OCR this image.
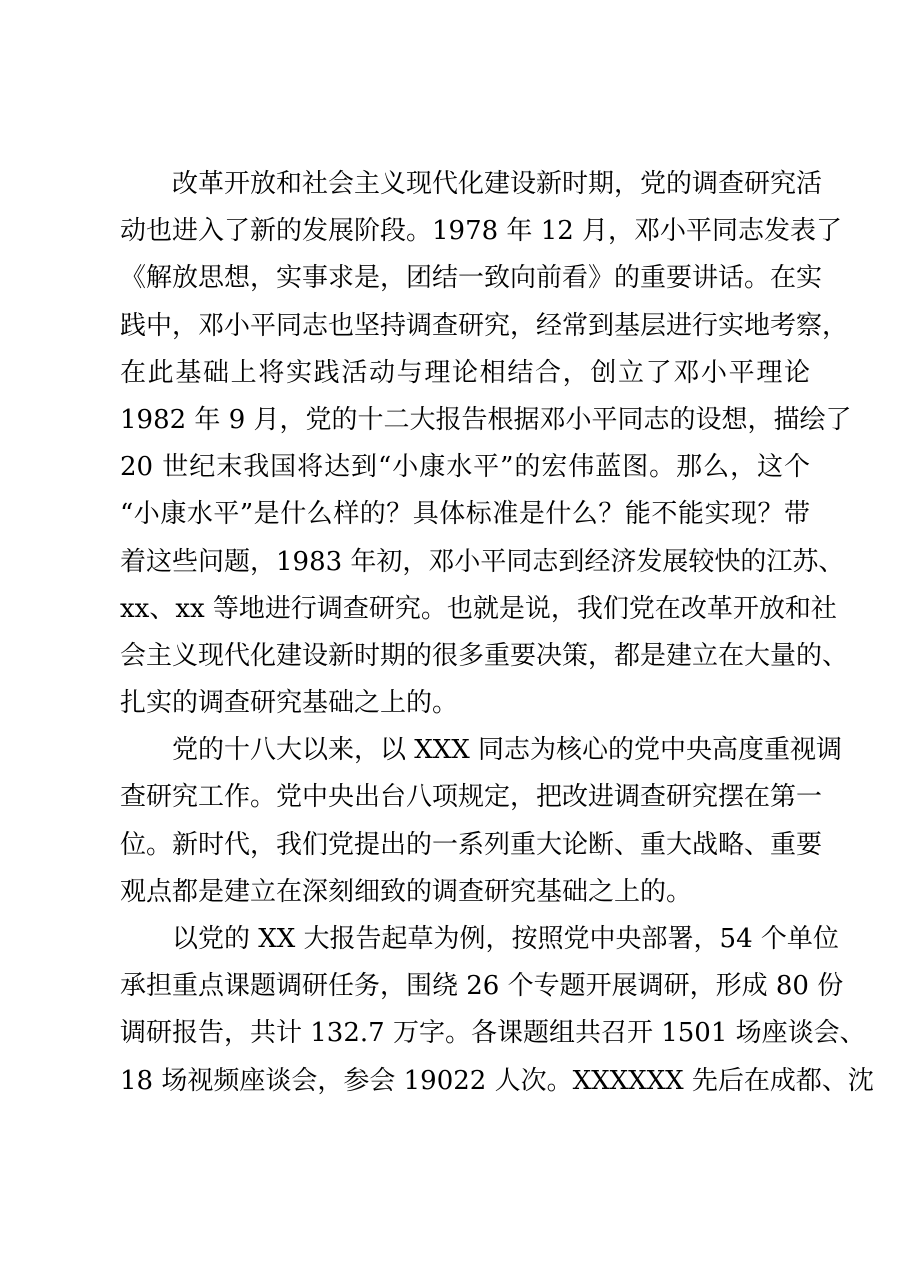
改革开放和社会主义现代化建设新时期，党的调查研究活
动也进入了新的发展阶段。1978 年 12 月，邓小平同志发表了
《解放思想，实事求是，团结一致向前看》的重要讲话。在实
践中，邓小平同志也坚持调查研究，经常到基层进行实地考察，
在此基础上将实践活动与理论相结合，创立了邓小平理论
1982 年 9 月，党的十二大报告根据邓小平同志的设想，描绘了
20 世纪末我国将达到“小康水平”的宏伟蓝图。那么，这个
“小康水平”是什么样的？具体标准是什么？能不能实现？带
着这些问题，1983 年初，邓小平同志到经济发展较快的江苏、
xx、xx 等地进行调查研究。也就是说，我们党在改革开放和社
会主义现代化建设新时期的很多重要决策，都是建立在大量的、
扎实的调查研究基础之上的。
党的十八大以来，以 XXX 同志为核心的党中央高度重视调
查研究工作。党中央出台八项规定，把改进调查研究摆在第一
位。新时代，我们党提出的一系列重大论断、重大战略、重要
观点都是建立在深刻细致的调查研究基础之上的。
以党的 XX 大报告起草为例，按照党中央部署，54 个单位
承担重点课题调研任务，围绕 26 个专题开展调研，形成 80 份
调研报告，共计 132.7 万字。各课题组共召开 1501 场座谈会、
18 场视频座谈会，参会 19022 人次。XXXXXX 先后在成都、沈
